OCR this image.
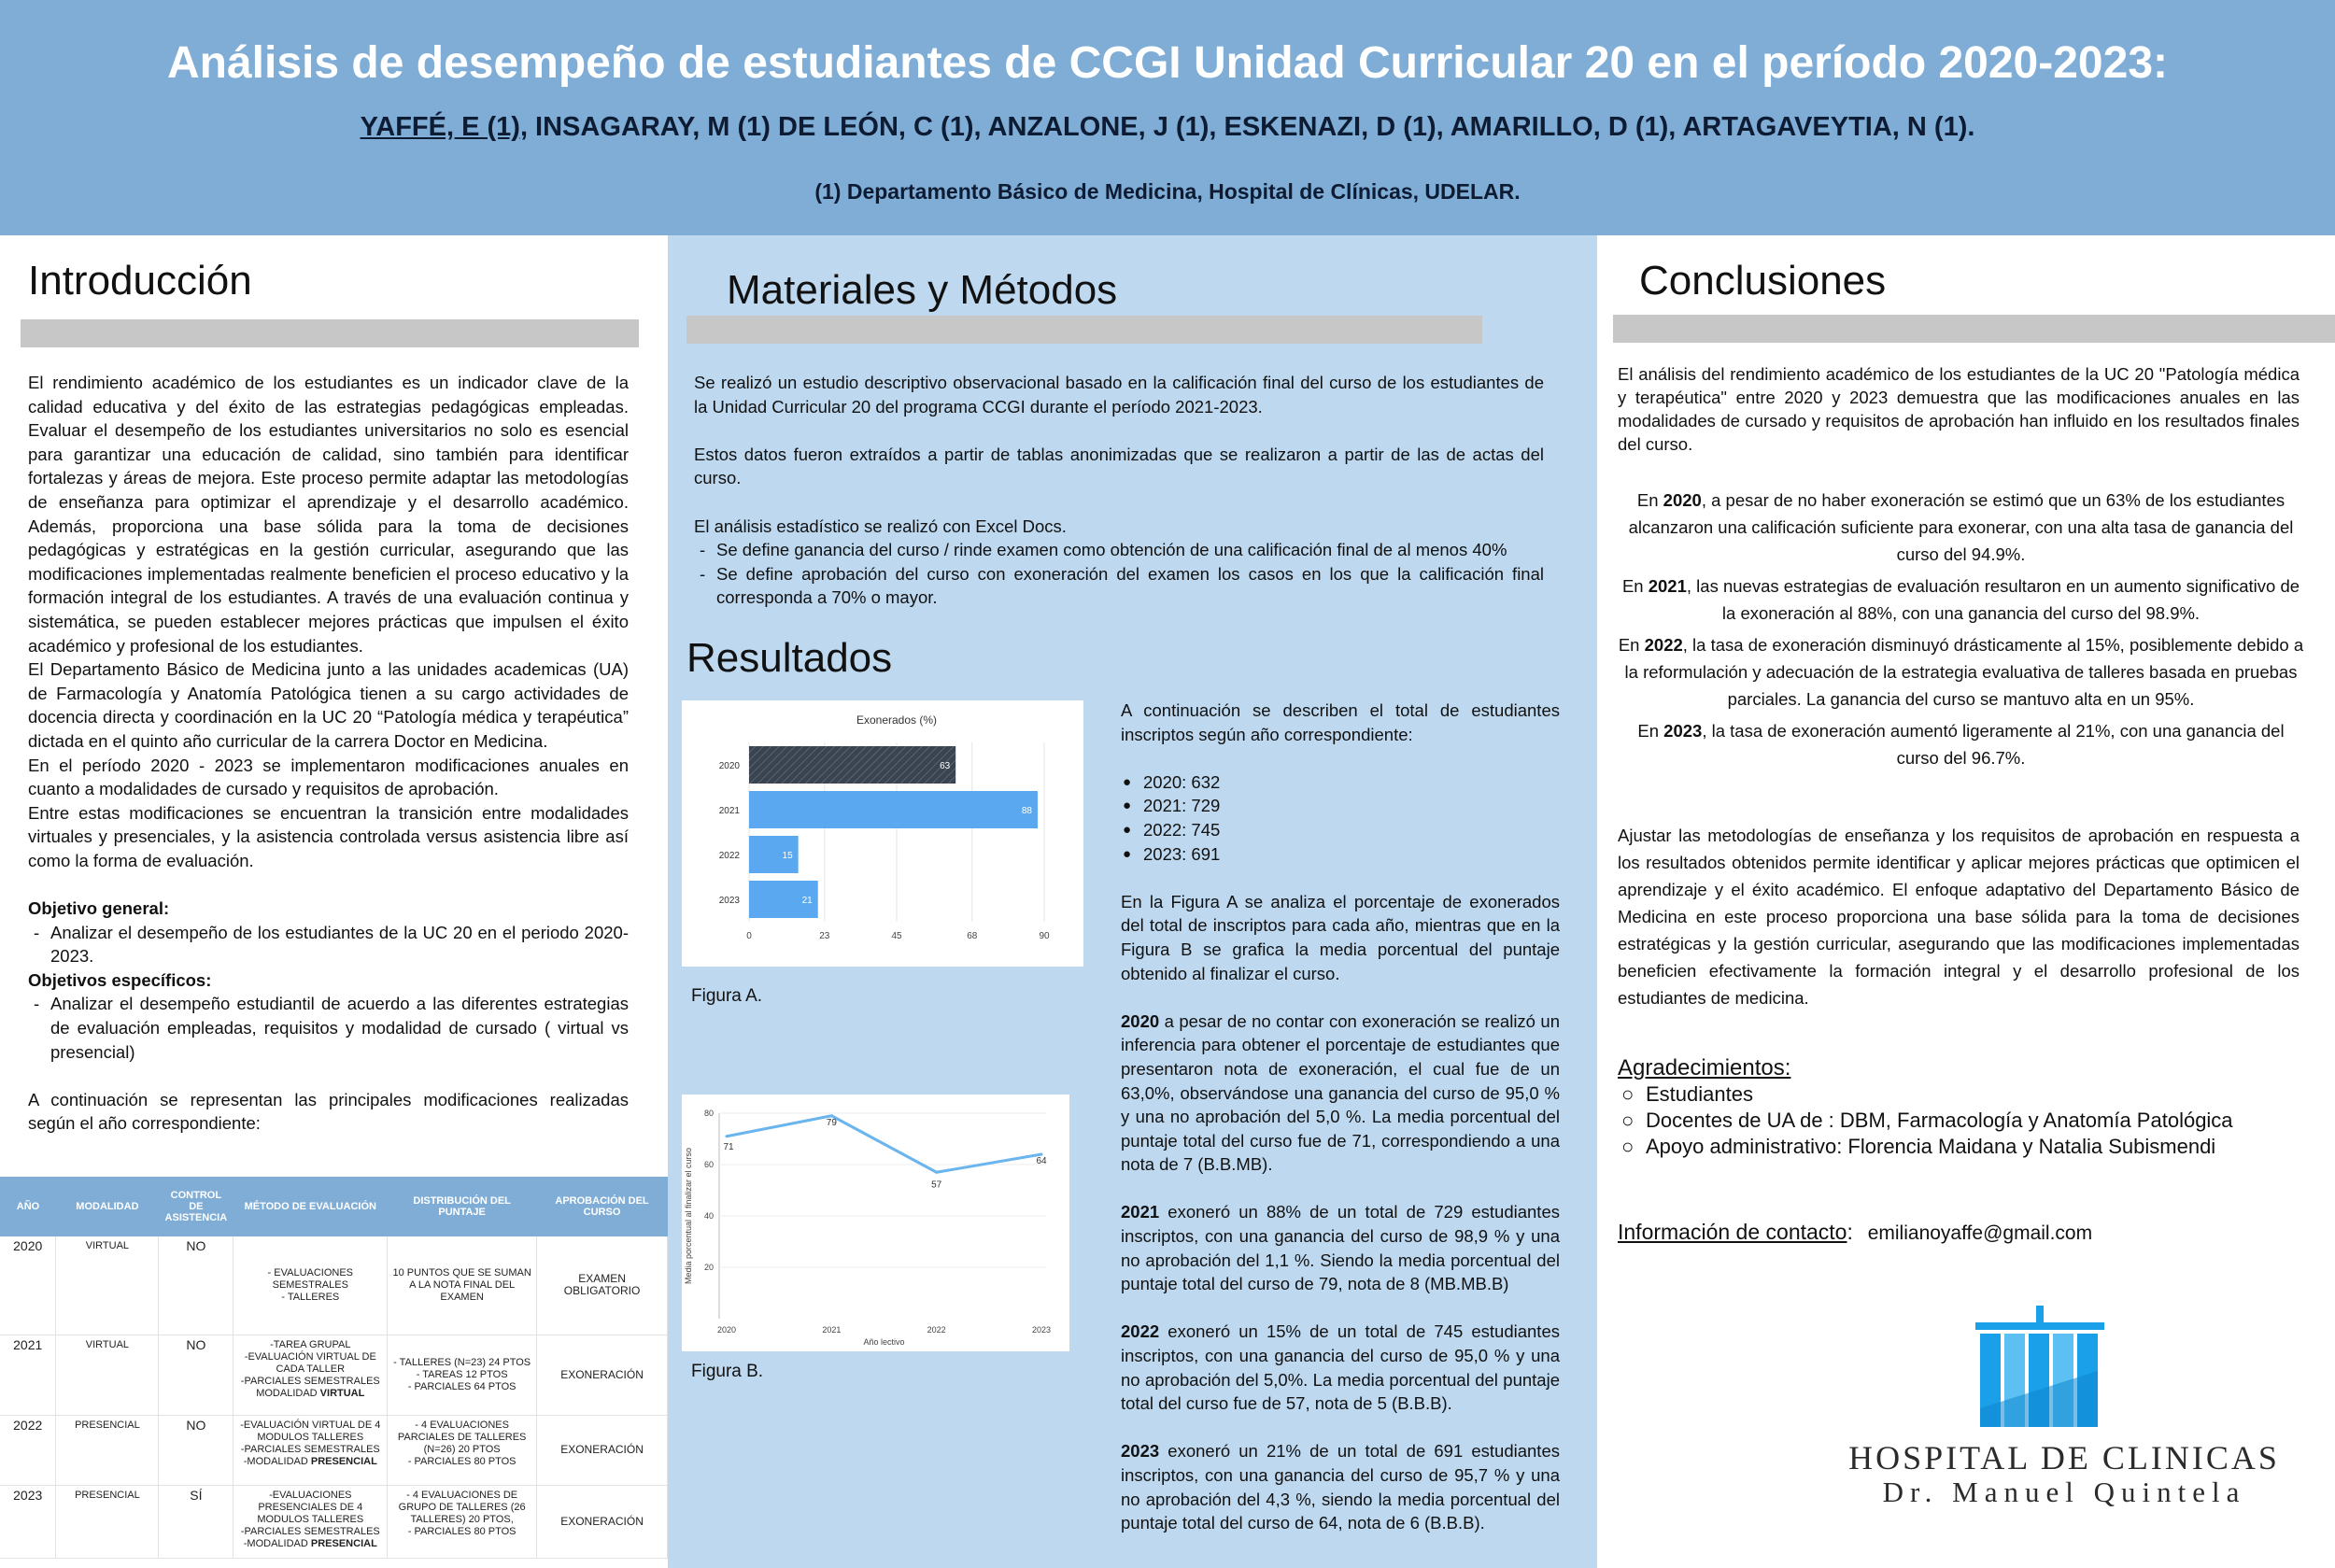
Análisis de desempeño de estudiantes de CCGI Unidad Curricular 20 en el período 2020-2023:
YAFFÉ, E (1), INSAGARAY, M (1) DE LEÓN, C (1), ANZALONE, J (1), ESKENAZI, D (1), AMARILLO, D (1), ARTAGAVEYTIA, N (1).
(1) Departamento Básico de Medicina, Hospital de Clínicas, UDELAR.
Introducción

El rendimiento académico de los estudiantes es un indicador clave de la calidad educativa y del éxito de las estrategias pedagógicas empleadas. Evaluar el desempeño de los estudiantes universitarios no solo es esencial para garantizar una educación de calidad, sino también para identificar fortalezas y áreas de mejora. Este proceso permite adaptar las metodologías de enseñanza para optimizar el aprendizaje y el desarrollo académico. Además, proporciona una base sólida para la toma de decisiones pedagógicas y estratégicas en la gestión curricular, asegurando que las modificaciones implementadas realmente beneficien el proceso educativo y la formación integral de los estudiantes. A través de una evaluación continua y sistemática, se pueden establecer mejores prácticas que impulsen el éxito académico y profesional de los estudiantes.

El Departamento Básico de Medicina junto a las unidades academicas (UA) de Farmacología y Anatomía Patológica tienen a su cargo actividades de docencia directa y coordinación en la UC 20 “Patología médica y terapéutica” dictada en el quinto año curricular de la carrera Doctor en Medicina.

En el período 2020 - 2023 se implementaron modificaciones anuales en cuanto a modalidades de cursado y requisitos de aprobación.

Entre estas modificaciones se encuentran la transición entre modalidades virtuales y presenciales, y la asistencia controlada versus asistencia libre así como la forma de evaluación.

Objetivo general:

- Analizar el desempeño de los estudiantes de la UC 20 en el periodo 2020-2023.

Objetivos específicos:

- Analizar el desempeño estudiantil de acuerdo a las diferentes estrategias de evaluación empleadas, requisitos y modalidad de cursado ( virtual vs presencial)

A continuación se representan las principales modificaciones realizadas según el año correspondiente:

AÑO	MODALIDAD	CONTROL DE ASISTENCIA	MÉTODO DE EVALUACIÓN	DISTRIBUCIÓN DEL PUNTAJE	APROBACIÓN DEL CURSO
2020	VIRTUAL	NO	- EVALUACIONES SEMESTRALES
- TALLERES	10 PUNTOS QUE SE SUMAN A LA NOTA FINAL DEL EXAMEN	EXAMEN OBLIGATORIO
2021	VIRTUAL	NO	-TAREA GRUPAL
-EVALUACIÓN VIRTUAL DE CADA TALLER
-PARCIALES SEMESTRALES
MODALIDAD VIRTUAL	- TALLERES (N=23) 24 PTOS
- TAREAS 12 PTOS
- PARCIALES 64 PTOS	EXONERACIÓN
2022	PRESENCIAL	NO	-EVALUACIÓN VIRTUAL DE 4 MODULOS TALLERES
-PARCIALES SEMESTRALES
-MODALIDAD PRESENCIAL	- 4 EVALUACIONES PARCIALES DE TALLERES (N=26) 20 PTOS
- PARCIALES 80 PTOS	EXONERACIÓN
2023	PRESENCIAL	SÍ	-EVALUACIONES PRESENCIALES DE 4 MODULOS TALLERES
-PARCIALES SEMESTRALES
-MODALIDAD PRESENCIAL	- 4 EVALUACIONES DE GRUPO DE TALLERES (26 TALLERES) 20 PTOS,
- PARCIALES 80 PTOS	EXONERACIÓN
Materiales y Métodos

Se realizó un estudio descriptivo observacional basado en la calificación final del curso de los estudiantes de la Unidad Curricular 20 del programa CCGI durante el período 2021-2023.

Estos datos fueron extraídos a partir de tablas anonimizadas que se realizaron a partir de las de actas del curso.

El análisis estadístico se realizó con Excel Docs.

- Se define ganancia del curso / rinde examen como obtención de una calificación final de al menos 40%
- Se define aprobación del curso con exoneración del examen los casos en los que la calificación final corresponda a 70% o mayor.
Resultados
Exonerados (%)
0	23	45	68	90
2020	63
2021	88
2022	15
2023	21
Figura A.
20
40
60
80
Media porcentual al finalizar el curso
Año lectivo
2020
71
2021
79
2022
57
2023
64
Figura B.

A continuación se describen el total de estudiantes inscriptos según año correspondiente:

● 2020: 632
● 2021: 729
● 2022: 745
● 2023: 691

En la Figura A se analiza el porcentaje de exonerados del total de inscriptos para cada año, mientras que en la Figura B se grafica la media porcentual del puntaje obtenido al finalizar el curso.

2020 a pesar de no contar con exoneración se realizó un inferencia para obtener el porcentaje de estudiantes que presentaron nota de exoneración, el cual fue de un 63,0%, observándose una ganancia del curso de 95,0 % y una no aprobación del 5,0 %. La media porcentual del puntaje total del curso fue de 71, correspondiendo a una nota de 7 (B.B.MB).

2021 exoneró un 88% de un total de 729 estudiantes inscriptos, con una ganancia del curso de 98,9 % y una no aprobación del 1,1 %. Siendo la media porcentual del puntaje total del curso de 79, nota de 8 (MB.MB.B)

2022 exoneró un 15% de un total de 745 estudiantes inscriptos, con una ganancia del curso de 95,0 % y una no aprobación del 5,0%. La media porcentual del puntaje total del curso fue de 57, nota de 5 (B.B.B).

2023 exoneró un 21% de un total de 691 estudiantes inscriptos, con una ganancia del curso de 95,7 % y una no aprobación del 4,3 %, siendo la media porcentual del puntaje total del curso de 64, nota de 6 (B.B.B).

Conclusiones

El análisis del rendimiento académico de los estudiantes de la UC 20 "Patología médica y terapéutica" entre 2020 y 2023 demuestra que las modificaciones anuales en las modalidades de cursado y requisitos de aprobación han influido en los resultados finales del curso.

En 2020, a pesar de no haber exoneración se estimó que un 63% de los estudiantes alcanzaron una calificación suficiente para exonerar, con una alta tasa de ganancia del curso del 94.9%.

En 2021, las nuevas estrategias de evaluación resultaron en un aumento significativo de la exoneración al 88%, con una ganancia del curso del 98.9%.

En 2022, la tasa de exoneración disminuyó drásticamente al 15%, posiblemente debido a la reformulación y adecuación de la estrategia evaluativa de talleres basada en pruebas parciales. La ganancia del curso se mantuvo alta en un 95%.

En 2023, la tasa de exoneración aumentó ligeramente al 21%, con una ganancia del curso del 96.7%.

Ajustar las metodologías de enseñanza y los requisitos de aprobación en respuesta a los resultados obtenidos permite identificar y aplicar mejores prácticas que optimicen el aprendizaje y el éxito académico. El enfoque adaptativo del Departamento Básico de Medicina en este proceso proporciona una base sólida para la toma de decisiones estratégicas y la gestión curricular, asegurando que las modificaciones implementadas beneficien efectivamente la formación integral y el desarrollo profesional de los estudiantes de medicina.

Agradecimientos:

○ Estudiantes
○ Docentes de UA de : DBM, Farmacología y Anatomía Patológica
○ Apoyo administrativo: Florencia Maidana y Natalia Subismendi
Información de contacto: emilianoyaffe@gmail.com
HOSPITAL DE CLINICAS
Dr. Manuel Quintela
